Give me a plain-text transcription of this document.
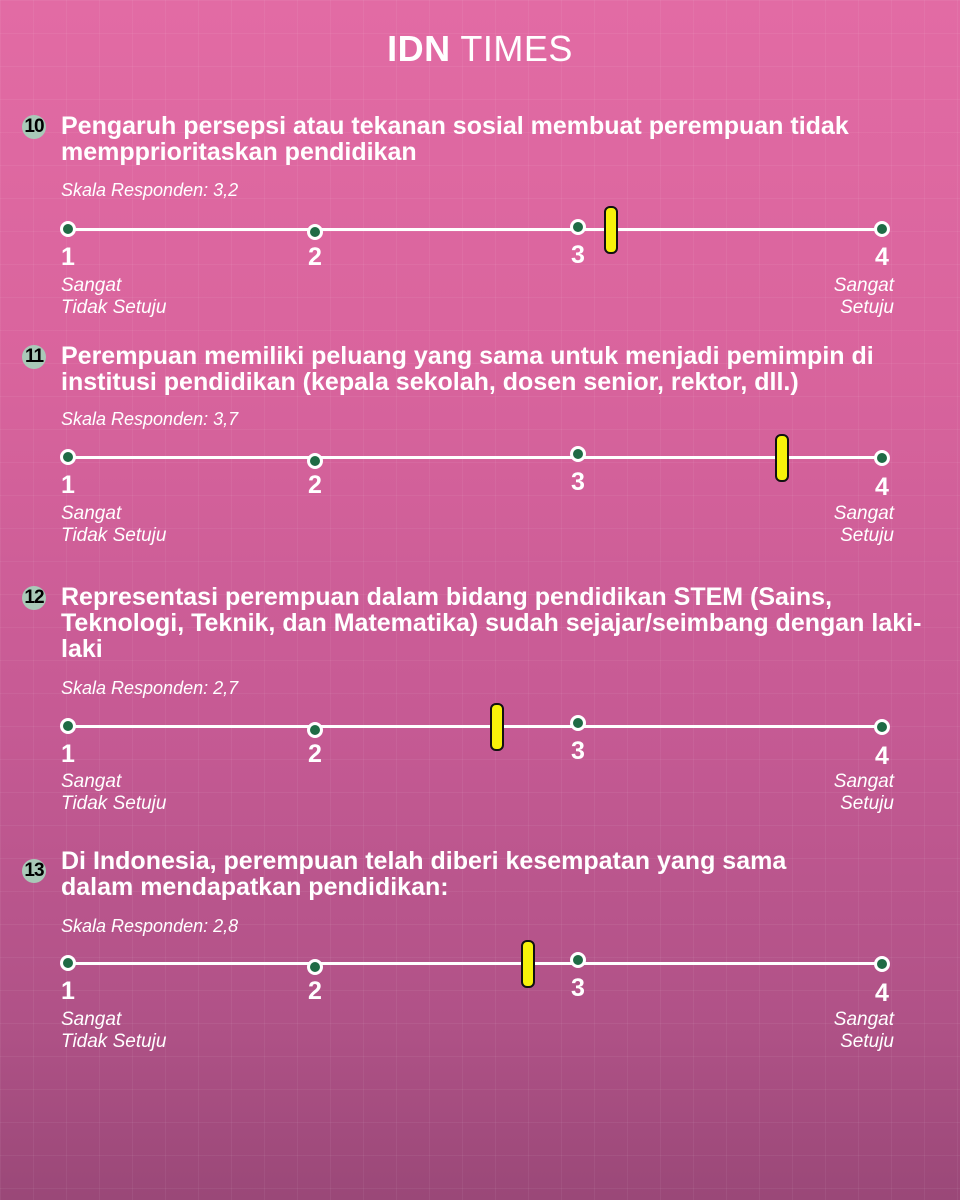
IDN TIMES
10 Pengaruh persepsi atau tekanan sosial membuat perempuan tidak mempprioritaskan pendidikan
Skala Responden: 3,2
1	2	3	4
Sangat
Tidak Setuju
Sangat
Setuju
11 Perempuan memiliki peluang yang sama untuk menjadi pemimpin di institusi pendidikan (kepala sekolah, dosen senior, rektor, dll.)
Skala Responden: 3,7
1	2	3	4
Sangat
Tidak Setuju
Sangat
Setuju
12 Representasi perempuan dalam bidang pendidikan STEM (Sains, Teknologi, Teknik, dan Matematika) sudah sejajar/seimbang dengan laki-laki
Skala Responden: 2,7
1	2	3	4
Sangat
Tidak Setuju
Sangat
Setuju
13 Di Indonesia, perempuan telah diberi kesempatan yang sama dalam mendapatkan pendidikan:
Skala Responden: 2,8
1	2	3	4
Sangat
Tidak Setuju
Sangat
Setuju
